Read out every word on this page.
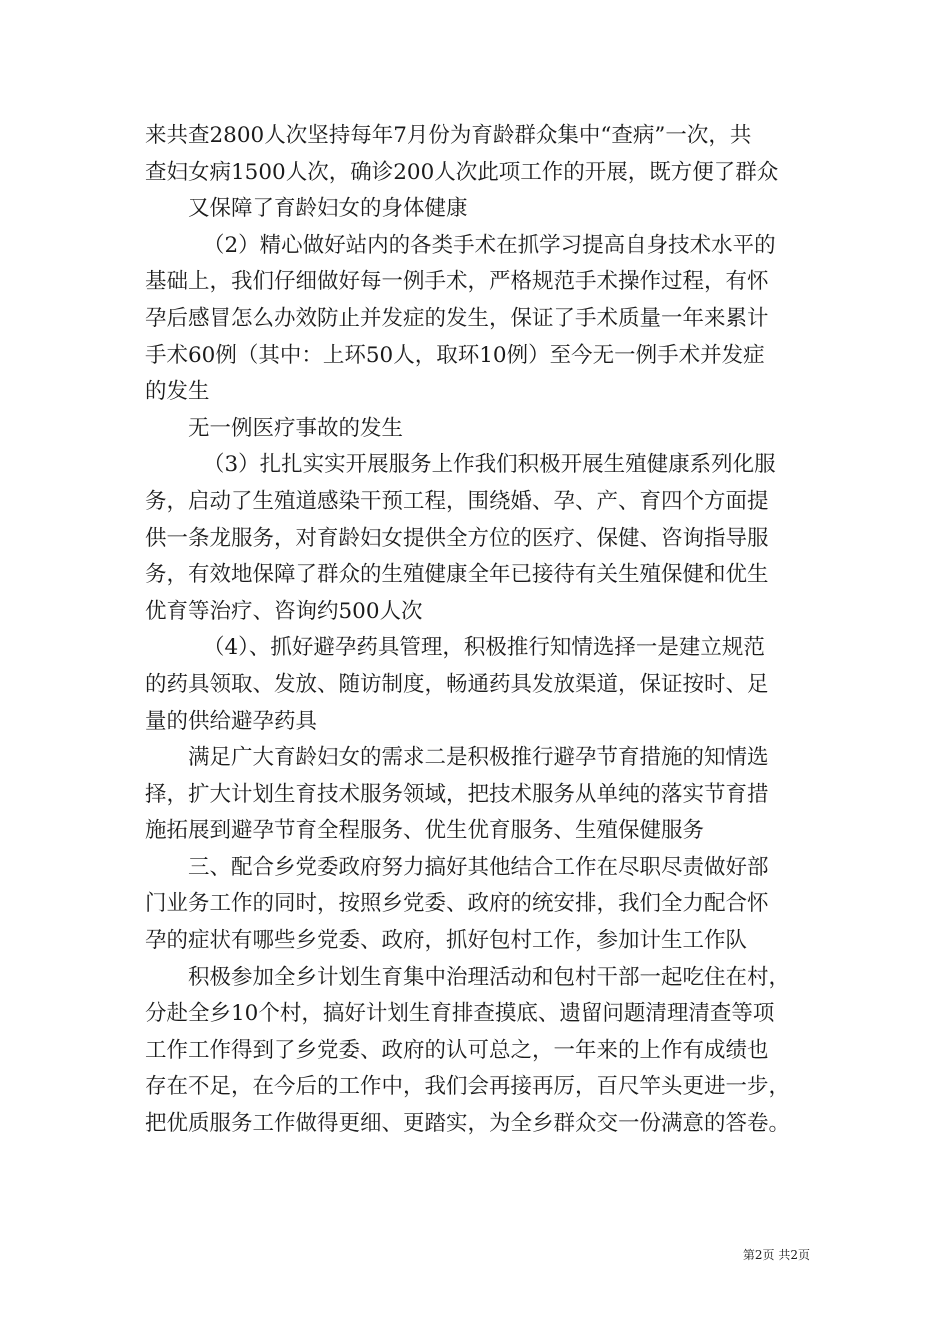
来共查2800人次坚持每年7月份为育龄群众集中“查病”一次，共
查妇女病1500人次，确诊200人次此项工作的开展，既方便了群众
又保障了育龄妇女的身体健康
（2）精心做好站内的各类手术在抓学习提高自身技术水平的
基础上，我们仔细做好每一例手术，严格规范手术操作过程，有怀
孕后感冒怎么办效防止并发症的发生，保证了手术质量一年来累计
手术60例（其中：上环50人，取环10例）至今无一例手术并发症
的发生
无一例医疗事故的发生
（3）扎扎实实开展服务上作我们积极开展生殖健康系列化服
务，启动了生殖道感染干预工程，围绕婚、孕、产、育四个方面提
供一条龙服务，对育龄妇女提供全方位的医疗、保健、咨询指导服
务，有效地保障了群众的生殖健康全年已接待有关生殖保健和优生
优育等治疗、咨询约500人次
（4）、抓好避孕药具管理，积极推行知情选择一是建立规范
的药具领取、发放、随访制度，畅通药具发放渠道，保证按时、足
量的供给避孕药具
满足广大育龄妇女的需求二是积极推行避孕节育措施的知情选
择，扩大计划生育技术服务领域，把技术服务从单纯的落实节育措
施拓展到避孕节育全程服务、优生优育服务、生殖保健服务
三、配合乡党委政府努力搞好其他结合工作在尽职尽责做好部
门业务工作的同时，按照乡党委、政府的统安排，我们全力配合怀
孕的症状有哪些乡党委、政府，抓好包村工作，参加计生工作队
积极参加全乡计划生育集中治理活动和包村干部一起吃住在村，
分赴全乡10个村，搞好计划生育排查摸底、遗留问题清理清查等项
工作工作得到了乡党委、政府的认可总之，一年来的上作有成绩也
存在不足，在今后的工作中，我们会再接再厉，百尺竿头更进一步，
把优质服务工作做得更细、更踏实，为全乡群众交一份满意的答卷。
第2页 共2页
